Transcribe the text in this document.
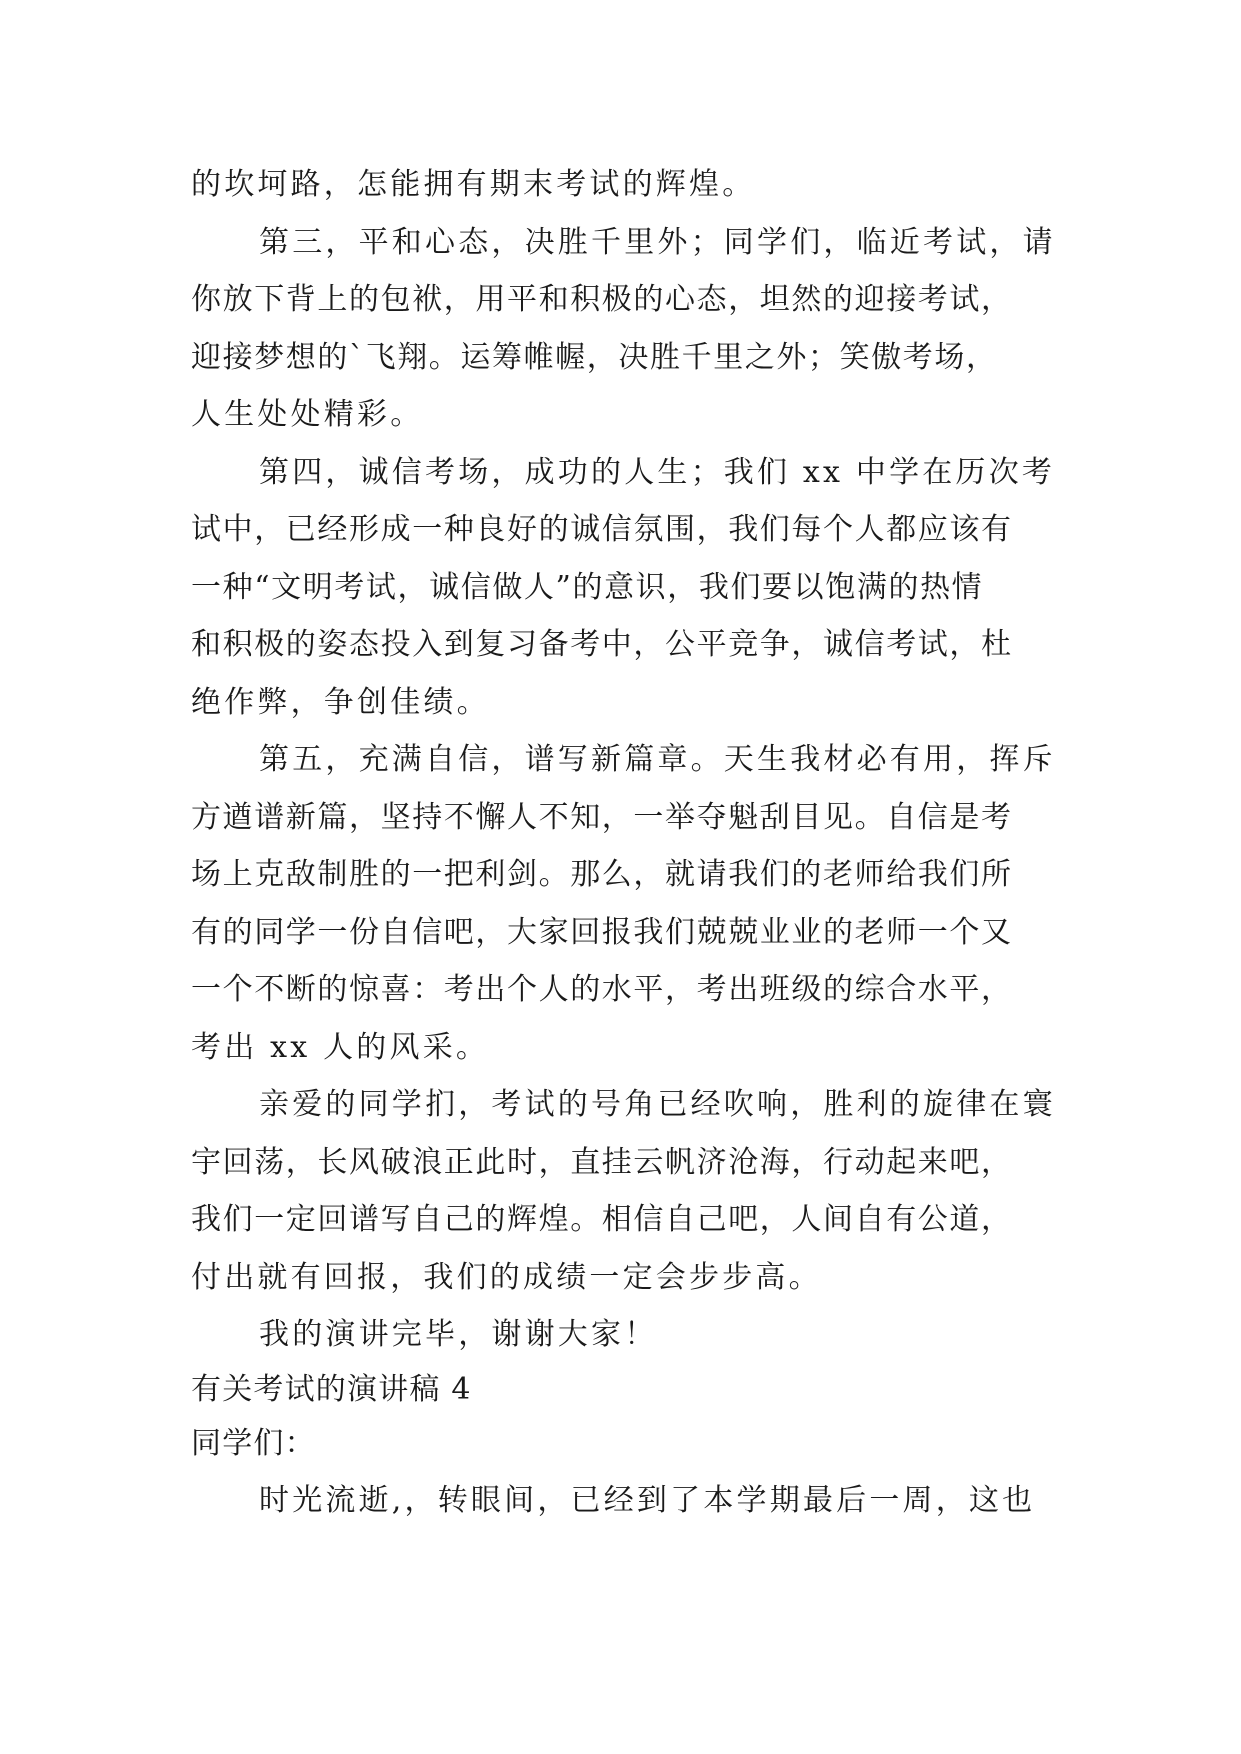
的坎坷路，怎能拥有期末考试的辉煌。
第三，平和心态，决胜千里外；同学们，临近考试，请
你放下背上的包袱，用平和积极的心态，坦然的迎接考试，
迎接梦想的`飞翔。运筹帷幄，决胜千里之外；笑傲考场，
人生处处精彩。
第四，诚信考场，成功的人生；我们 xx 中学在历次考
试中，已经形成一种良好的诚信氛围，我们每个人都应该有
一种“文明考试，诚信做人”的意识，我们要以饱满的热情
和积极的姿态投入到复习备考中，公平竞争，诚信考试，杜
绝作弊，争创佳绩。
第五，充满自信，谱写新篇章。天生我材必有用，挥斥
方遒谱新篇，坚持不懈人不知，一举夺魁刮目见。自信是考
场上克敌制胜的一把利剑。那么，就请我们的老师给我们所
有的同学一份自信吧，大家回报我们兢兢业业的老师一个又
一个不断的惊喜：考出个人的水平，考出班级的综合水平，
考出 xx 人的风采。
亲爱的同学扪，考试的号角已经吹响，胜利的旋律在寰
宇回荡，长风破浪正此时，直挂云帆济沧海，行动起来吧，
我们一定回谱写自己的辉煌。相信自己吧，人间自有公道，
付出就有回报，我们的成绩一定会步步高。
我的演讲完毕，谢谢大家！
有关考试的演讲稿 4
同学们：
时光流逝,，转眼间，已经到了本学期最后一周，这也
